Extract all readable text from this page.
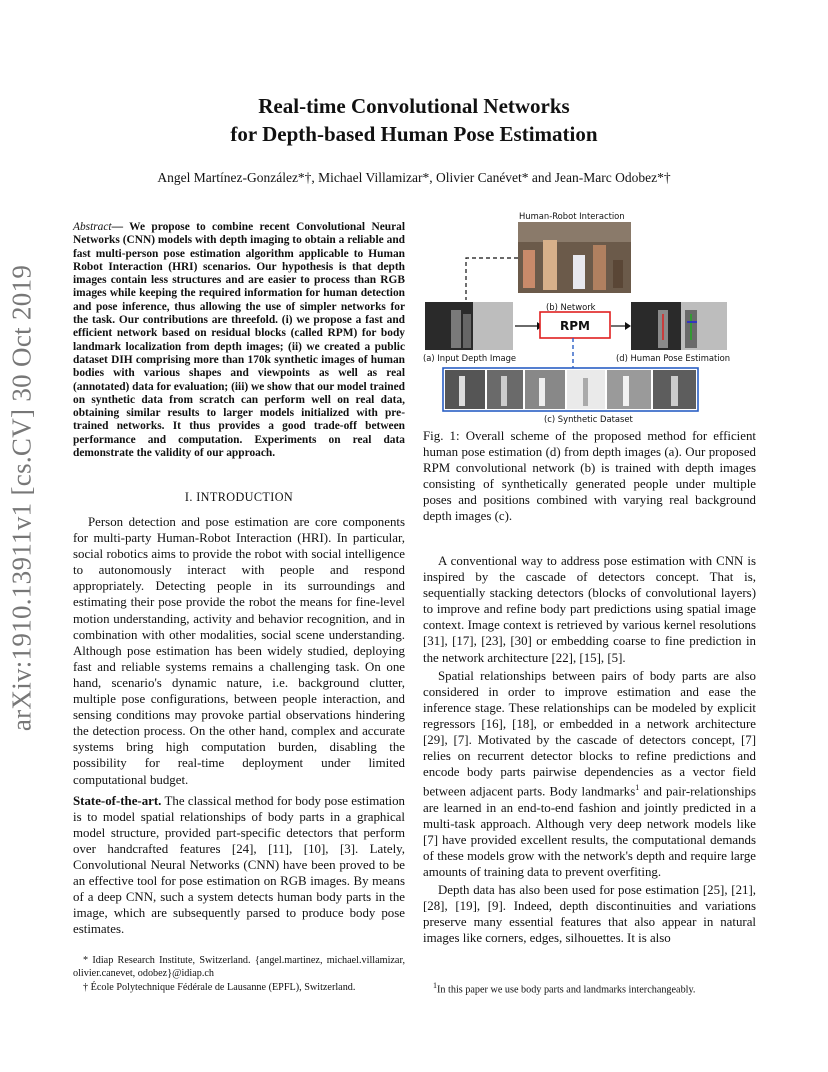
arXiv:1910.13911v1 [cs.CV] 30 Oct 2019
Real-time Convolutional Networks
for Depth-based Human Pose Estimation
Angel Martínez-González*†, Michael Villamizar*, Olivier Canévet* and Jean-Marc Odobez*†
Abstract— We propose to combine recent Convolutional Neural Networks (CNN) models with depth imaging to obtain a reliable and fast multi-person pose estimation algorithm applicable to Human Robot Interaction (HRI) scenarios. Our hypothesis is that depth images contain less structures and are easier to process than RGB images while keeping the required information for human detection and pose inference, thus allowing the use of simpler networks for the task. Our contributions are threefold. (i) we propose a fast and efficient network based on residual blocks (called RPM) for body landmark localization from depth images; (ii) we created a public dataset DIH comprising more than 170k synthetic images of human bodies with various shapes and viewpoints as well as real (annotated) data for evaluation; (iii) we show that our model trained on synthetic data from scratch can perform well on real data, obtaining similar results to larger models initialized with pre-trained networks. It thus provides a good trade-off between performance and computation. Experiments on real data demonstrate the validity of our approach.
I. INTRODUCTION
Person detection and pose estimation are core components for multi-party Human-Robot Interaction (HRI). In particular, social robotics aims to provide the robot with social intelligence to autonomously interact with people and respond appropriately. Detecting people in its surroundings and estimating their pose provide the robot the means for fine-level motion understanding, activity and behavior recognition, and in combination with other modalities, social scene understanding. Although pose estimation has been widely studied, deploying fast and reliable systems remains a challenging task. On one hand, scenario's dynamic nature, i.e. background clutter, multiple pose configurations, between people interaction, and sensing conditions may provoke partial observations hindering the detection process. On the other hand, complex and accurate systems bring high computation burden, disabling the possibility for real-time deployment under limited computational budget.
State-of-the-art. The classical method for body pose estimation is to model spatial relationships of body parts in a graphical model structure, provided part-specific detectors that perform over handcrafted features [24], [11], [10], [3]. Lately, Convolutional Neural Networks (CNN) have been proved to be an effective tool for pose estimation on RGB images. By means of a deep CNN, such a system detects human body parts in the image, which are subsequently parsed to produce body pose estimates.
* Idiap Research Institute, Switzerland. {angel.martinez, michael.villamizar, olivier.canevet, odobez}@idiap.ch
† École Polytechnique Fédérale de Lausanne (EPFL), Switzerland.
Human-Robot Interaction
(b) Network
(a) Input Depth Image	(d) Human Pose Estimation
(c) Synthetic Dataset
RPM
Fig. 1: Overall scheme of the proposed method for efficient human pose estimation (d) from depth images (a). Our proposed RPM convolutional network (b) is trained with depth images consisting of synthetically generated people under multiple poses and positions combined with varying real background depth images (c).
A conventional way to address pose estimation with CNN is inspired by the cascade of detectors concept. That is, sequentially stacking detectors (blocks of convolutional layers) to improve and refine body part predictions using spatial image context. Image context is retrieved by various kernel resolutions [31], [17], [23], [30] or embedding coarse to fine prediction in the network architecture [22], [15], [5].
Spatial relationships between pairs of body parts are also considered in order to improve estimation and ease the inference stage. These relationships can be modeled by explicit regressors [16], [18], or embedded in a network architecture [29], [7]. Motivated by the cascade of detectors concept, [7] relies on recurrent detector blocks to refine predictions and encode body parts pairwise dependencies as a vector field between adjacent parts. Body landmarks$^1$ and pair-relationships are learned in an end-to-end fashion and jointly predicted in a multi-task approach. Although very deep network models like [7] have provided excellent results, the computational demands of these models grow with the network's depth and require large amounts of training data to prevent overfiting.
Depth data has also been used for pose estimation [25], [21], [28], [19], [9]. Indeed, depth discontinuities and variations preserve many essential features that also appear in natural images like corners, edges, silhouettes. It is also
$^1$In this paper we use body parts and landmarks interchangeably.
